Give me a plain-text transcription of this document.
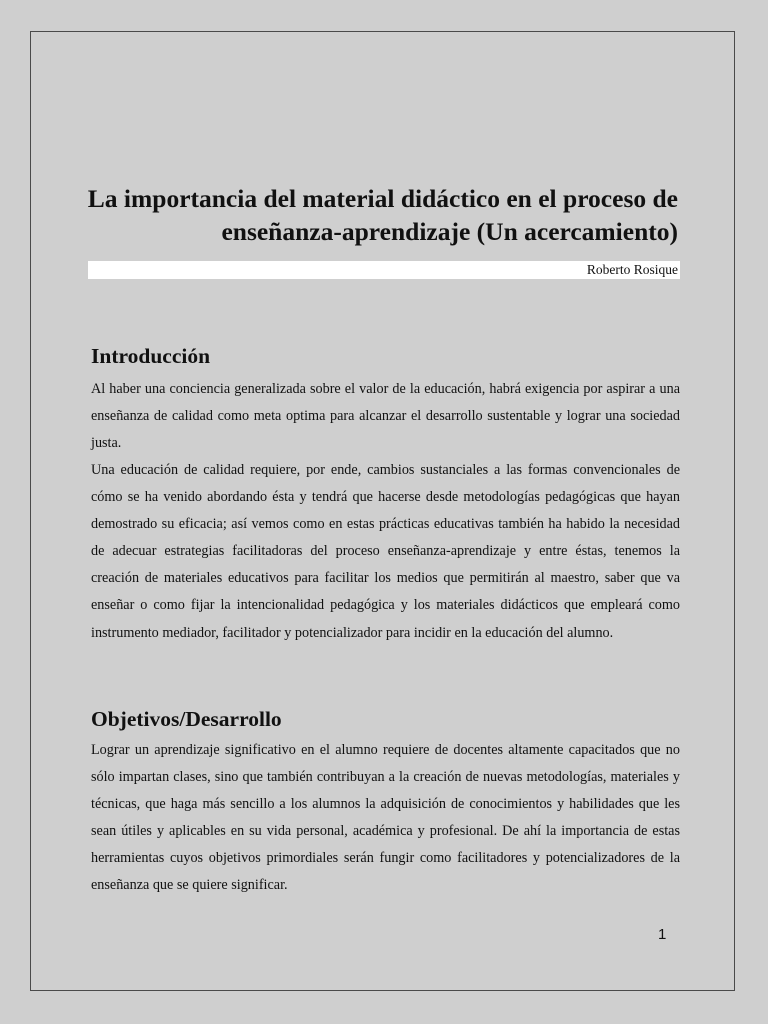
La importancia del material didáctico en el proceso de enseñanza-aprendizaje (Un acercamiento)
Roberto Rosique
Introducción

Al haber una conciencia generalizada sobre el valor de la educación, habrá exigencia por aspirar a una enseñanza de calidad como meta optima para alcanzar el desarrollo sustentable y lograr una sociedad justa.

Una educación de calidad requiere, por ende, cambios sustanciales a las formas convencionales de cómo se ha venido abordando ésta y tendrá que hacerse desde metodologías pedagógicas que hayan demostrado su eficacia; así vemos como en estas prácticas educativas también ha habido la necesidad de adecuar estrategias facilitadoras del proceso enseñanza-aprendizaje y entre éstas, tenemos la creación de materiales educativos para facilitar los medios que permitirán al maestro, saber que va enseñar o como fijar la intencionalidad pedagógica y los materiales didácticos que empleará como instrumento mediador, facilitador y potencializador para incidir en la educación del alumno.

Objetivos/Desarrollo

Lograr un aprendizaje significativo en el alumno requiere de docentes altamente capacitados que no sólo impartan clases, sino que también contribuyan a la creación de nuevas metodologías, materiales y técnicas, que haga más sencillo a los alumnos la adquisición de conocimientos y habilidades que les sean útiles y aplicables en su vida personal, académica y profesional. De ahí la importancia de estas herramientas cuyos objetivos primordiales serán fungir como facilitadores y potencializadores de la enseñanza que se quiere significar.

1
